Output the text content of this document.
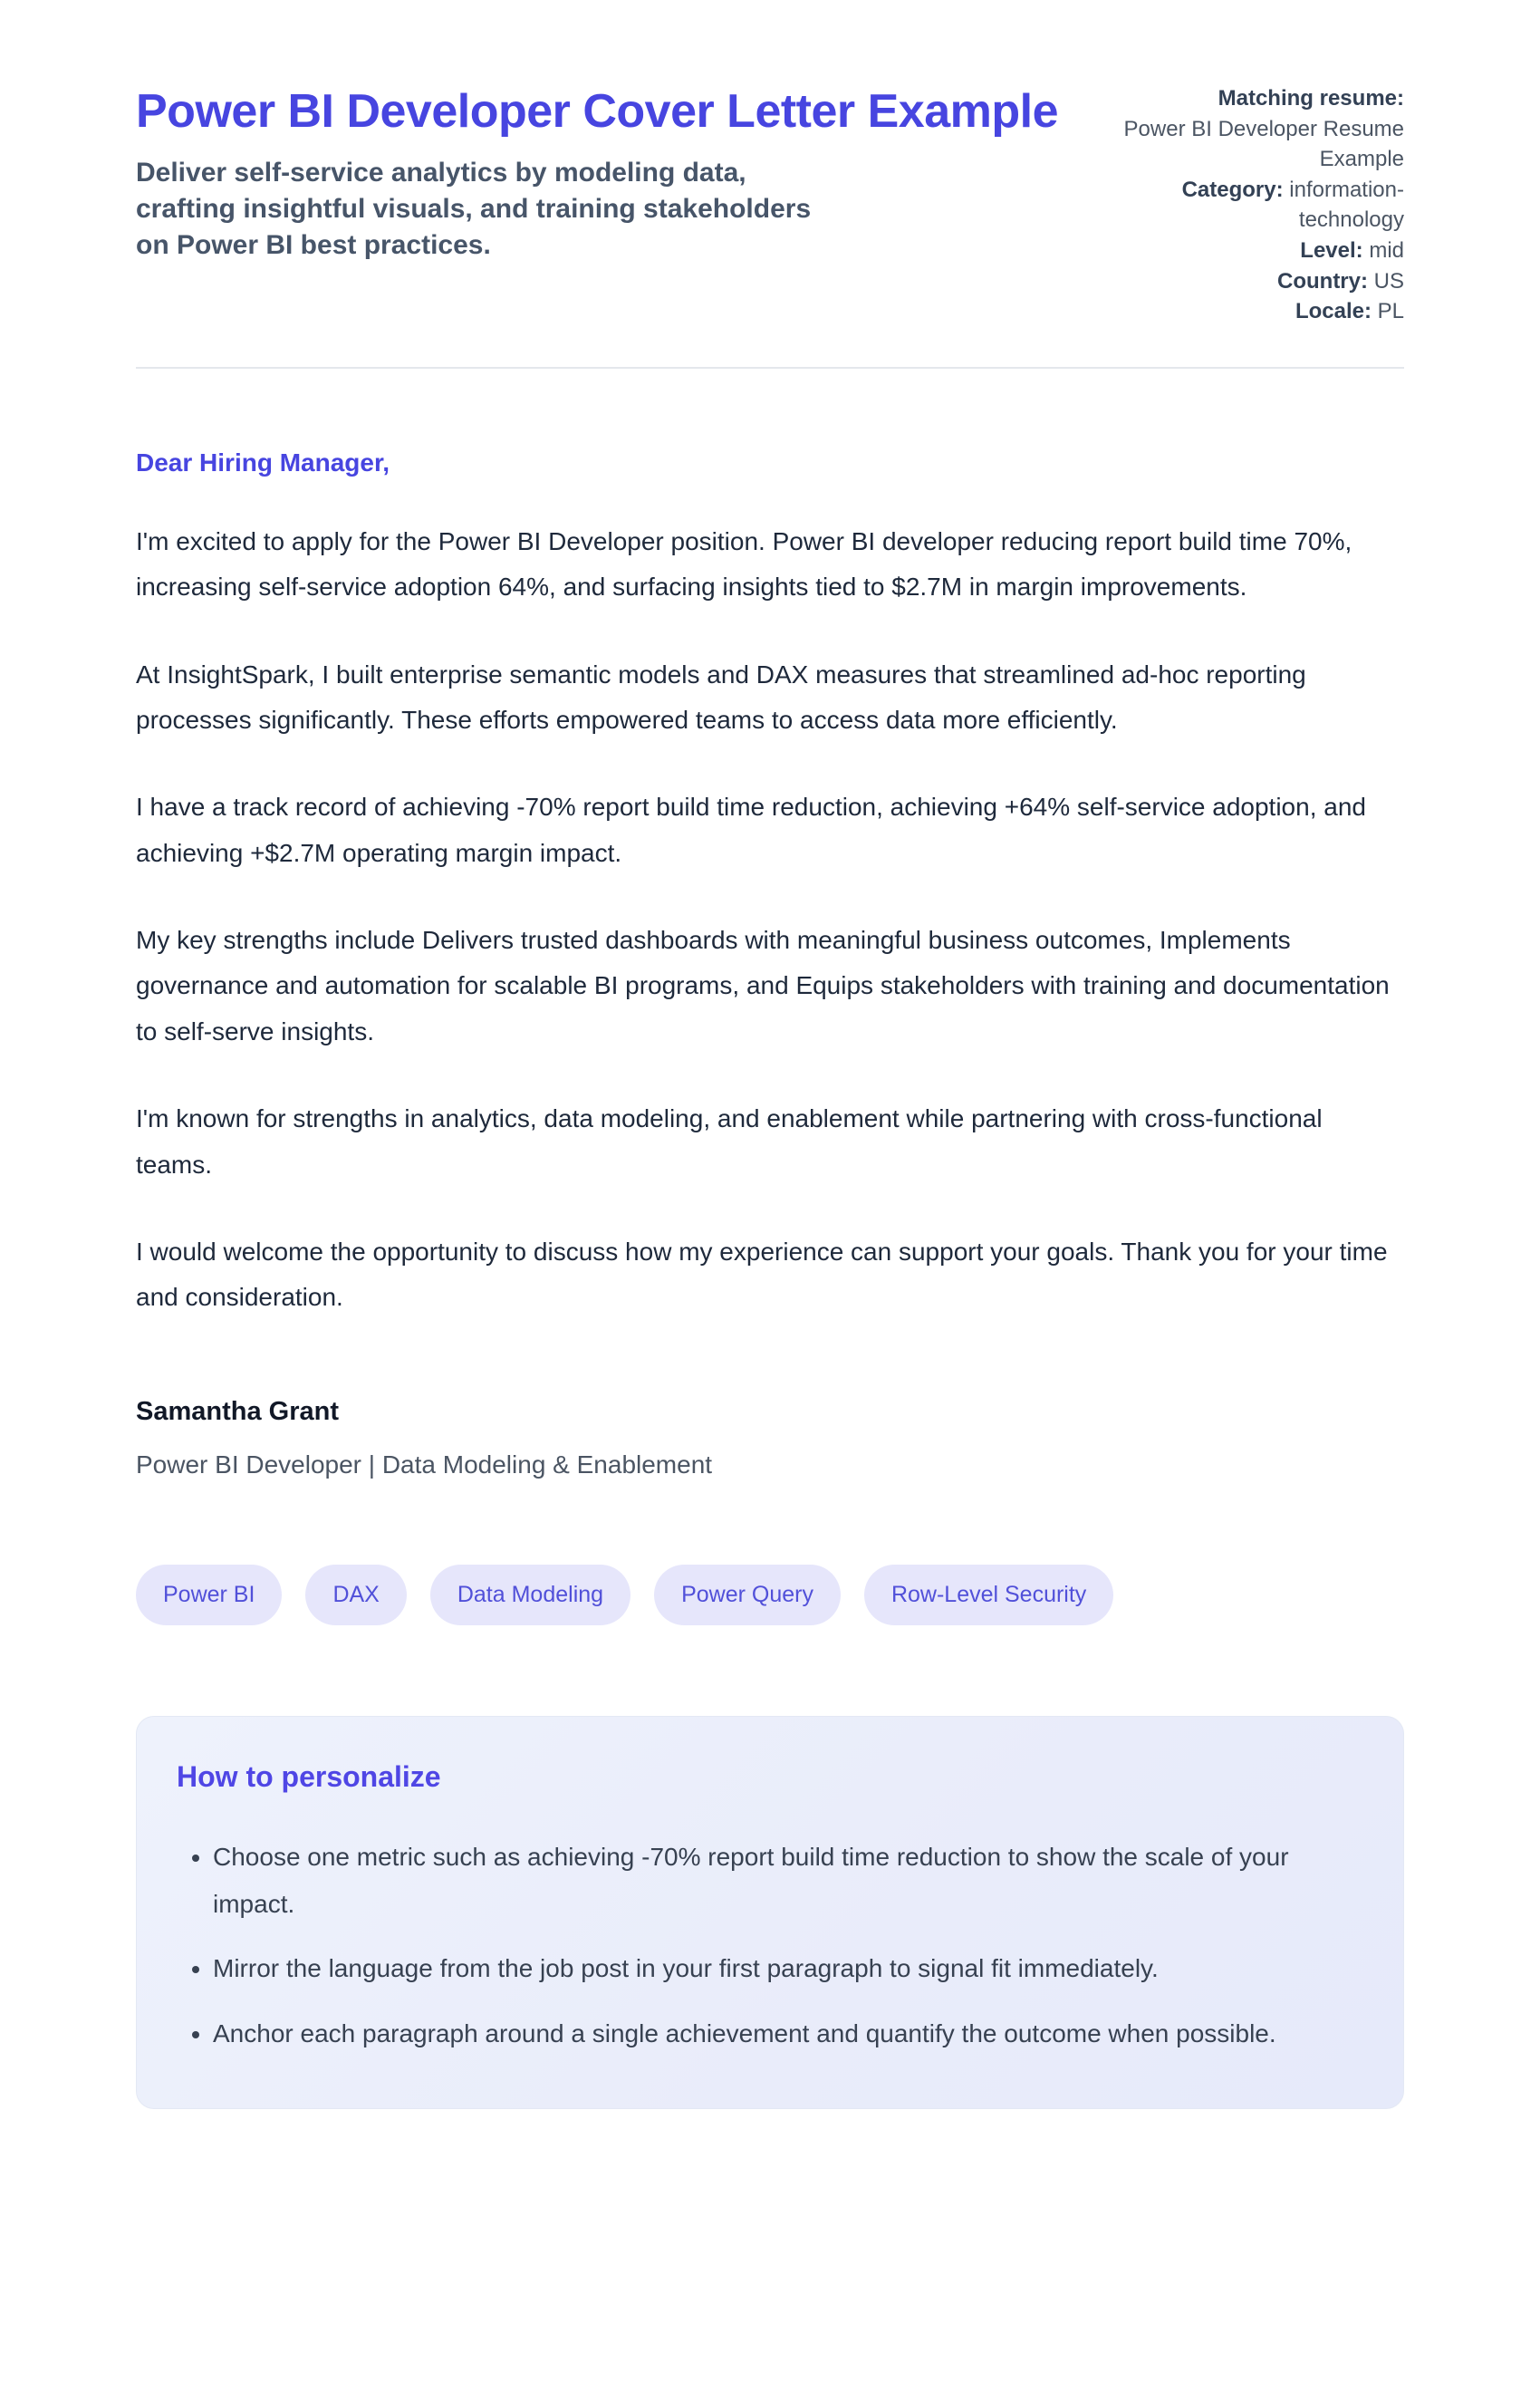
Power BI Developer Cover Letter Example

Deliver self-service analytics by modeling data, crafting insightful visuals, and training stakeholders on Power BI best practices.

Matching resume:
Power BI Developer Resume Example
Category: information-technology
Level: mid
Country: US
Locale: PL

Dear Hiring Manager,

I'm excited to apply for the Power BI Developer position. Power BI developer reducing report build time 70%, increasing self-service adoption 64%, and surfacing insights tied to $2.7M in margin improvements.

At InsightSpark, I built enterprise semantic models and DAX measures that streamlined ad-hoc reporting processes significantly. These efforts empowered teams to access data more efficiently.

I have a track record of achieving -70% report build time reduction, achieving +64% self-service adoption, and achieving +$2.7M operating margin impact.

My key strengths include Delivers trusted dashboards with meaningful business outcomes, Implements governance and automation for scalable BI programs, and Equips stakeholders with training and documentation to self-serve insights.

I'm known for strengths in analytics, data modeling, and enablement while partnering with cross-functional teams.

I would welcome the opportunity to discuss how my experience can support your goals. Thank you for your time and consideration.

Samantha Grant

Power BI Developer | Data Modeling & Enablement

Power BI	DAX	Data Modeling	Power Query	Row-Level Security
How to personalize
• Choose one metric such as achieving -70% report build time reduction to show the scale of your impact.
• Mirror the language from the job post in your first paragraph to signal fit immediately.
• Anchor each paragraph around a single achievement and quantify the outcome when possible.
